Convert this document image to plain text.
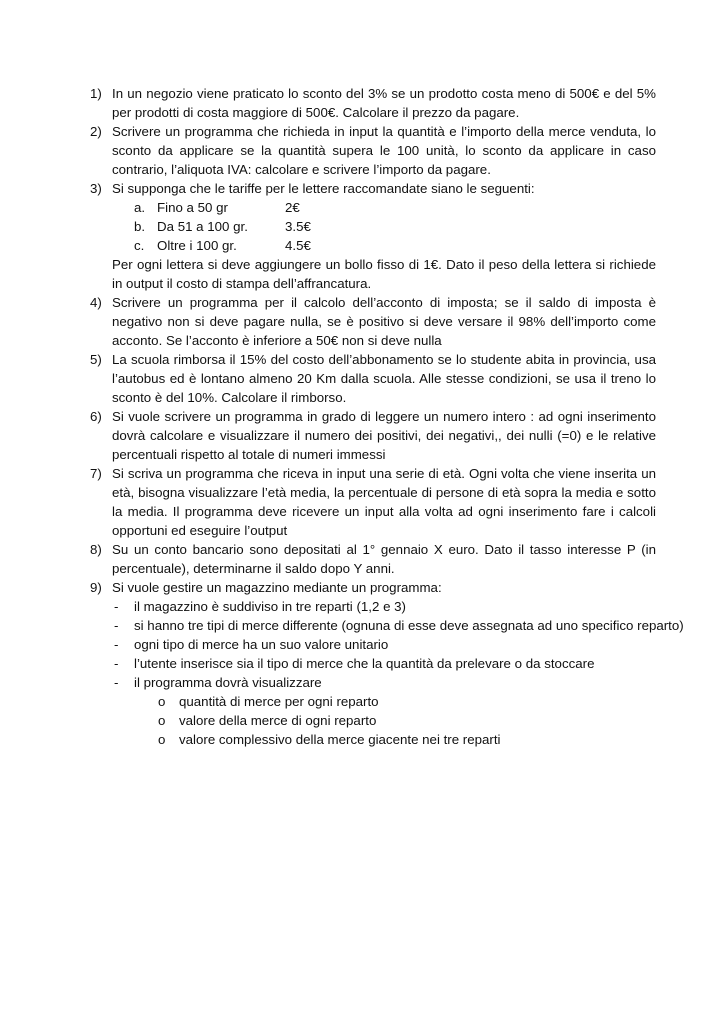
1) In un negozio viene praticato lo sconto del 3% se un prodotto costa meno di 500€ e del 5% per prodotti di costa maggiore di 500€. Calcolare il prezzo da pagare.
2) Scrivere un programma che richieda in input la quantità e l’importo della merce venduta, lo sconto da applicare se la quantità supera le 100 unità, lo sconto da applicare in caso contrario, l’aliquota IVA: calcolare e scrivere l’importo da pagare.
3) Si supponga che le tariffe per le lettere raccomandate siano le seguenti:
a. Fino a 50 gr	2€
b. Da 51 a 100 gr.	3.5€
c. Oltre i 100 gr.	4.5€
Per ogni lettera si deve aggiungere un bollo fisso di 1€. Dato il peso della lettera si richiede in output il costo di stampa dell’affrancatura.
4) Scrivere un programma per il calcolo dell’acconto di imposta; se il saldo di imposta è negativo non si deve pagare nulla, se è positivo si deve versare il 98% dell’importo come acconto. Se l’acconto è inferiore a 50€ non si deve nulla
5) La scuola rimborsa il 15% del costo dell’abbonamento se lo studente abita in provincia, usa l’autobus ed è lontano almeno 20 Km dalla scuola. Alle stesse condizioni, se usa il treno lo sconto è del 10%. Calcolare il rimborso.
6) Si vuole scrivere un programma in grado di leggere un numero intero : ad ogni inserimento dovrà calcolare e visualizzare il numero dei positivi, dei negativi,, dei nulli (=0) e le relative percentuali rispetto al totale di numeri immessi
7) Si scriva un programma che riceva in input una serie di età. Ogni volta che viene inserita un età, bisogna visualizzare l’età media, la percentuale di persone di età sopra la media e sotto la media. Il programma deve ricevere un input alla volta ad ogni inserimento fare i calcoli opportuni ed eseguire l’output
8) Su un conto bancario sono depositati al 1° gennaio X euro. Dato il tasso interesse P (in percentuale), determinarne il saldo dopo Y anni.
9) Si vuole gestire un magazzino mediante un programma:
- il magazzino è suddiviso in tre reparti (1,2 e 3)
- si hanno tre tipi di merce differente (ognuna di esse deve assegnata ad uno specifico reparto)
- ogni tipo di merce ha un suo valore unitario
- l’utente inserisce sia il tipo di merce che la quantità da prelevare o da stoccare
- il programma dovrà visualizzare
o quantità di merce per ogni reparto
o valore della merce di ogni reparto
o valore complessivo della merce giacente nei tre reparti
